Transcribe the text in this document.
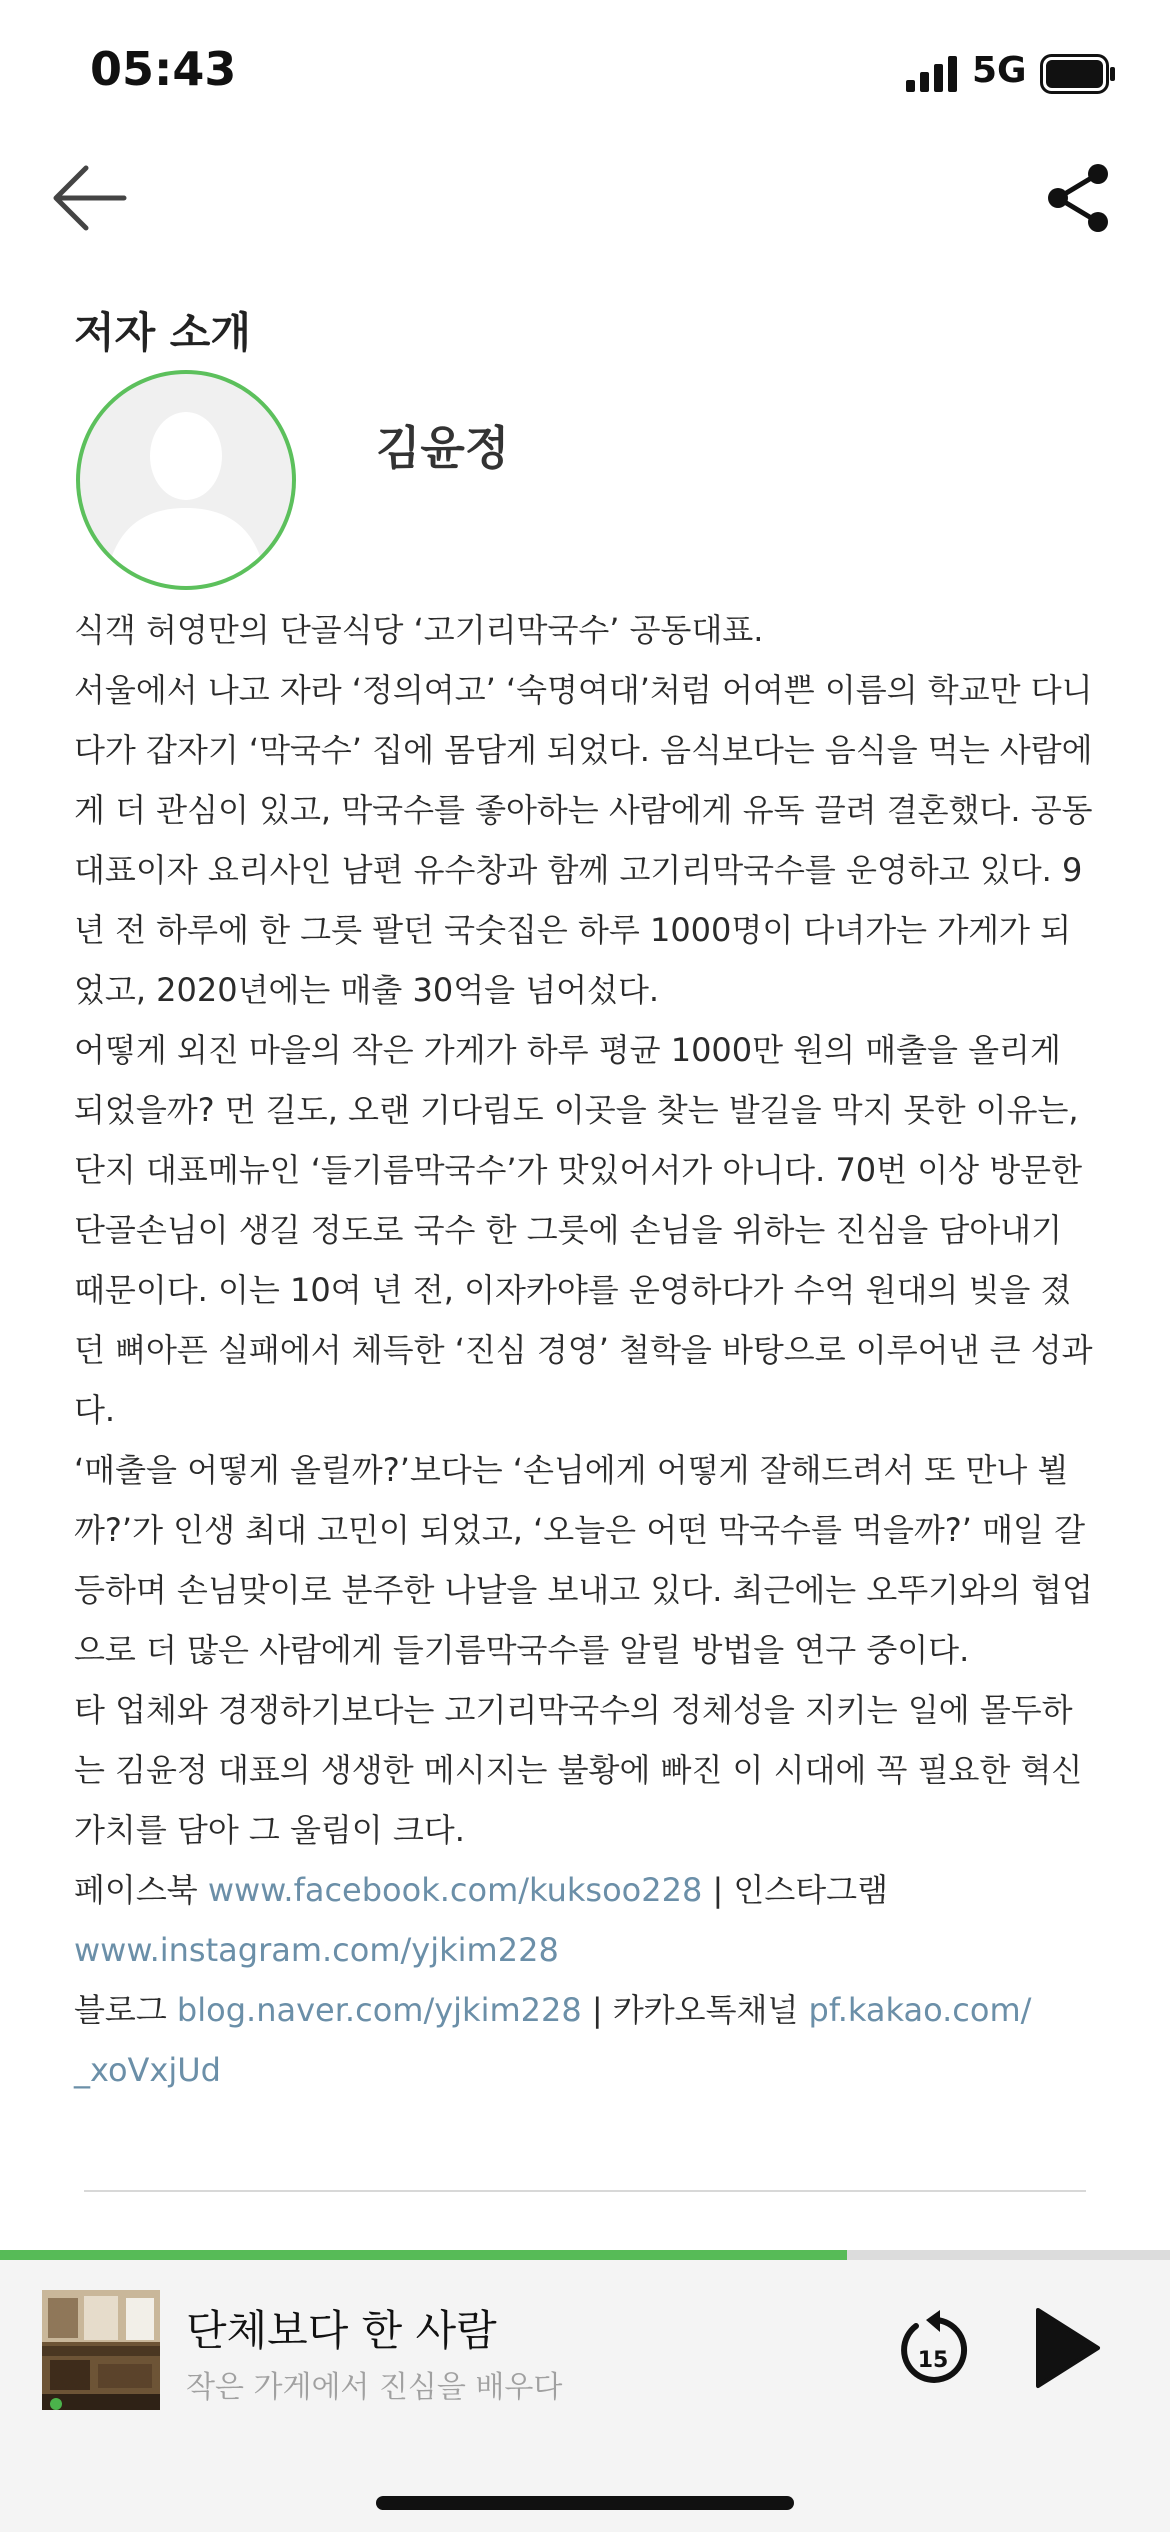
05:43	5G
저자 소개
김윤정
식객 허영만의 단골식당 ‘고기리막국수’ 공동대표.
서울에서 나고 자라 ‘정의여고’ ‘숙명여대’처럼 어여쁜 이름의 학교만 다니
다가 갑자기 ‘막국수’ 집에 몸담게 되었다. 음식보다는 음식을 먹는 사람에
게 더 관심이 있고, 막국수를 좋아하는 사람에게 유독 끌려 결혼했다. 공동
대표이자 요리사인 남편 유수창과 함께 고기리막국수를 운영하고 있다. 9
년 전 하루에 한 그릇 팔던 국숫집은 하루 1000명이 다녀가는 가게가 되
었고, 2020년에는 매출 30억을 넘어섰다.
어떻게 외진 마을의 작은 가게가 하루 평균 1000만 원의 매출을 올리게
되었을까? 먼 길도, 오랜 기다림도 이곳을 찾는 발길을 막지 못한 이유는,
단지 대표메뉴인 ‘들기름막국수’가 맛있어서가 아니다. 70번 이상 방문한
단골손님이 생길 정도로 국수 한 그릇에 손님을 위하는 진심을 담아내기
때문이다. 이는 10여 년 전, 이자카야를 운영하다가 수억 원대의 빚을 졌
던 뼈아픈 실패에서 체득한 ‘진심 경영’ 철학을 바탕으로 이루어낸 큰 성과
다.
‘매출을 어떻게 올릴까?’보다는 ‘손님에게 어떻게 잘해드려서 또 만나 뵐
까?’가 인생 최대 고민이 되었고, ‘오늘은 어떤 막국수를 먹을까?’ 매일 갈
등하며 손님맞이로 분주한 나날을 보내고 있다. 최근에는 오뚜기와의 협업
으로 더 많은 사람에게 들기름막국수를 알릴 방법을 연구 중이다.
타 업체와 경쟁하기보다는 고기리막국수의 정체성을 지키는 일에 몰두하
는 김윤정 대표의 생생한 메시지는 불황에 빠진 이 시대에 꼭 필요한 혁신
가치를 담아 그 울림이 크다.
페이스북 www.facebook.com/kuksoo228 | 인스타그램
www.instagram.com/yjkim228
블로그 blog.naver.com/yjkim228 | 카카오톡채널 pf.kakao.com/
_xoVxjUd
단체보다 한 사람
작은 가게에서 진심을 배우다
15
